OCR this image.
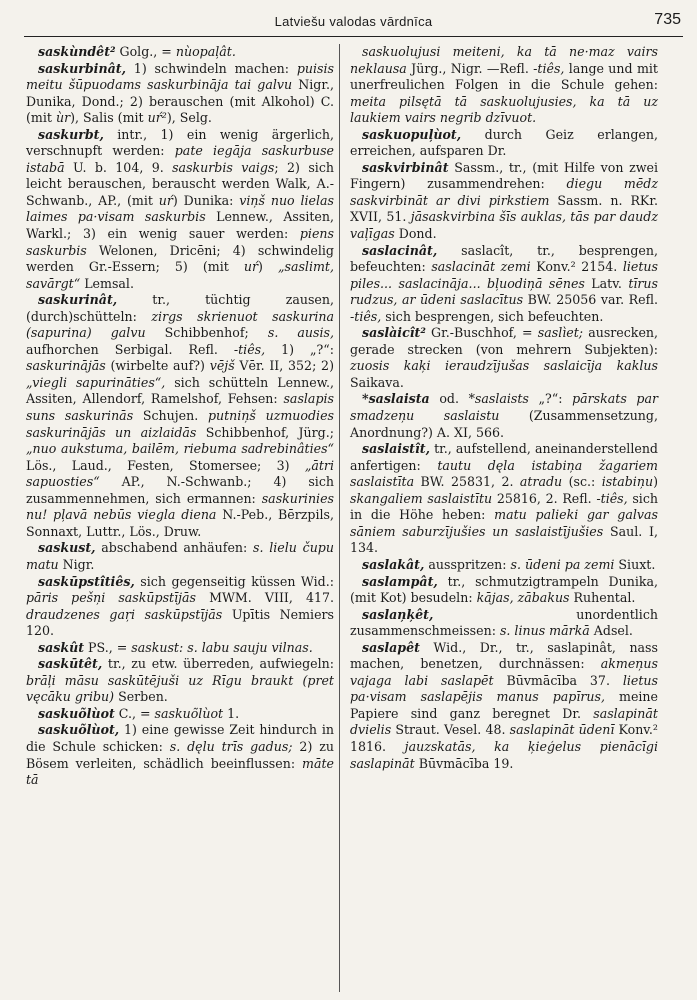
Latviešu valodas vārdnīca	735

saskùndêt² Golg., = nùopaļât.

saskurbinât, 1) schwindeln machen: puisis meitu šūpuodams saskurbināja tai galvu Nigr., Dunika, Dond.; 2) berauschen (mit Alkohol) C. (mit ùr), Salis (mit uŕ²), Selg.

saskurbt, intr., 1) ein wenig ärgerlich, verschnupft werden: pate iegāja saskurbuse istabā U. b. 104, 9. saskurbis vaigs; 2) sich leicht berauschen, berauscht werden Walk, A.-Schwanb., AP., (mit uŕ) Dunika: viņš nuo lielas laimes pa·visam saskurbis Lennew., Assiten, Warkl.; 3) ein wenig sauer werden: piens saskurbis Welonen, Dricēni; 4) schwindelig werden Gr.-Essern; 5) (mit uŕ) „saslimt, savārgt“ Lemsal.

saskurinât, tr., tüchtig zausen, (durch)schütteln: zirgs skrienuot saskurina (sapurina) galvu Schibbenhof; s. ausis, aufhorchen Serbigal. Refl. -tiês, 1) „?“: saskurinājās (wirbelte auf?) vējš Vēr. II, 352; 2) „viegli sapurināties“, sich schütteln Lennew., Assiten, Allendorf, Ramelshof, Fehsen: saslapis suns saskurinās Schujen. putniņš uzmuodies saskurinājās un aizlaidās Schibbenhof, Jürg.; „nuo aukstuma, bailēm, riebuma sadrebinâties“ Lös., Laud., Festen, Stomersee; 3) „ātri sapuosties“ AP., N.-Schwanb.; 4) sich zusammennehmen, sich ermannen: saskurinies nu! pļavā nebūs viegla diena N.-Peb., Bērzpils, Sonnaxt, Luttr., Lös., Druw.

saskust, abschabend anhäufen: s. lielu čupu matu Nigr.

saskūpstîtiês, sich gegenseitig küssen Wid.: pāris pešņi saskūpstījās MWM. VIII, 417. draudzenes gaŗi saskūpstījās Upītis Nemiers 120.

saskût PS., = saskust: s. labu sauju vilnas.

saskūtêt, tr., zu etw. überreden, aufwiegeln: brāļi māsu saskūtējuši uz Rīgu braukt (pret vęcāku gribu) Serben.

saskuõlùot C., = saskuõlùot 1.

saskuõlùot, 1) eine gewisse Zeit hindurch in die Schule schicken: s. dęlu trīs gadus; 2) zu Bösem verleiten, schädlich beeinflussen: māte tā

saskuolujusi meiteni, ka tā ne·maz vairs neklausa Jürg., Nigr. —Refl. -tiês, lange und mit unerfreulichen Folgen in die Schule gehen: meita pilsętā tā saskuolujusies, ka tā uz laukiem vairs negrib dzīvuot.

saskuopuļùot, durch Geiz erlangen, erreichen, aufsparen Dr.

saskvirbinât Sassm., tr., (mit Hilfe von zwei Fingern) zusammendrehen: diegu mēdz saskvirbināt ar divi pirkstiem Sassm. n. RKr. XVII, 51. jāsaskvirbina šīs auklas, tās par daudz vaļīgas Dond.

saslacinât, saslacît, tr., besprengen, befeuchten: saslacināt zemi Konv.² 2154. lietus piles... saslacināja... bļuodiņā sēnes Latv. tīrus rudzus, ar ūdeni saslacītus BW. 25056 var. Refl. -tiês, sich besprengen, sich befeuchten.

saslàicît² Gr.-Buschhof, = saslìet; ausrecken, gerade strecken (von mehrern Subjekten): zuosis kaķi ieraudzījušas saslaicīja kaklus Saikava.

*saslaista od. *saslaists „?“: pārskats par smadzeņu saslaistu (Zusammensetzung, Anordnung?) A. XI, 566.

saslaistît, tr., aufstellend, aneinanderstellend anfertigen: tautu dęla istabiņa žagariem saslaistīta BW. 25831, 2. atradu (sc.: istabiņu) skangaliem saslaistītu 25816, 2. Refl. -tiês, sich in die Höhe heben: matu palieki gar galvas sāniem saburzījušies un saslaistījušies Saul. I, 134.

saslakât, ausspritzen: s. ūdeni pa zemi Siuxt.

saslampât, tr., schmutzigtrampeln Dunika, (mit Kot) besudeln: kājas, zābakus Ruhental.

saslaņķêt, unordentlich zusammenschmeissen: s. linus mārkā Adsel.

saslapêt Wid., Dr., tr., saslapinât, nass machen, benetzen, durchnässen: akmeņus vajaga labi saslapēt Būvmācība 37. lietus pa·visam saslapējis manus papīrus, meine Papiere sind ganz beregnet Dr. saslapināt dvielis Straut. Vesel. 48. saslapināt ūdenī Konv.² 1816. jauzskatās, ka ķieģelus pienācīgi saslapināt Būvmācība 19.
